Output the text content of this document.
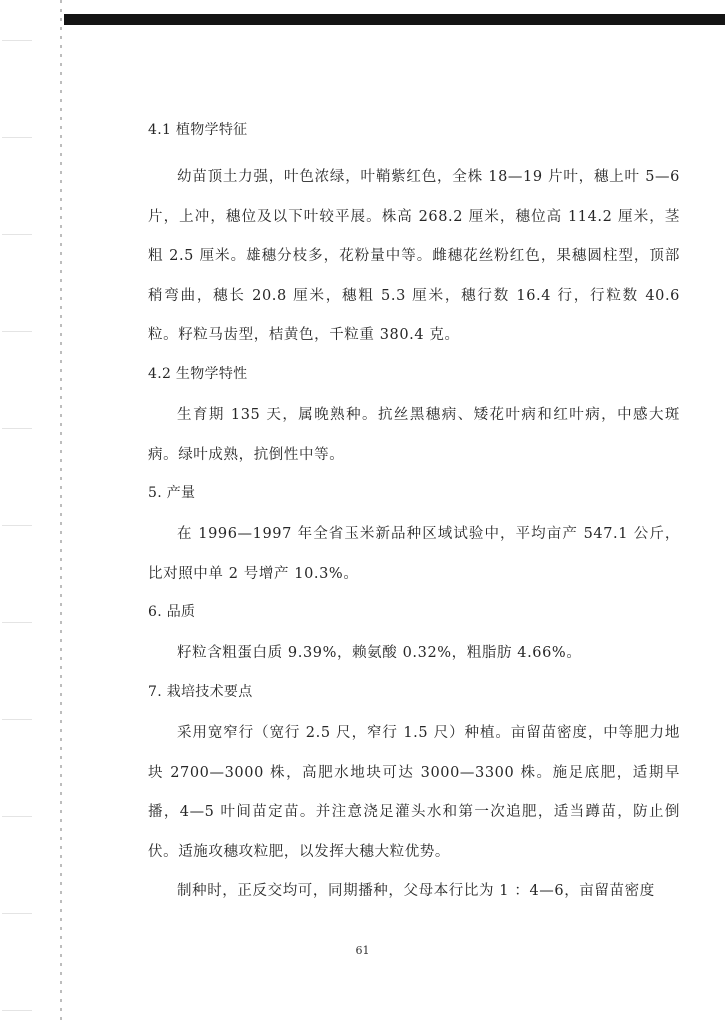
4.1 植物学特征

幼苗顶土力强，叶色浓绿，叶鞘紫红色，全株 18—19 片叶，穗上叶 5—6 片，上冲，穗位及以下叶较平展。株高 268.2 厘米，穗位高 114.2 厘米，茎粗 2.5 厘米。雄穗分枝多，花粉量中等。雌穗花丝粉红色，果穗圆柱型，顶部稍弯曲，穗长 20.8 厘米，穗粗 5.3 厘米，穗行数 16.4 行，行粒数 40.6 粒。籽粒马齿型，桔黄色，千粒重 380.4 克。

4.2 生物学特性

生育期 135 天，属晚熟种。抗丝黑穗病、矮花叶病和红叶病，中感大斑病。绿叶成熟，抗倒性中等。

5. 产量

在 1996—1997 年全省玉米新品种区域试验中，平均亩产 547.1 公斤，比对照中单 2 号增产 10.3%。

6. 品质

籽粒含粗蛋白质 9.39%，赖氨酸 0.32%，粗脂肪 4.66%。

7. 栽培技术要点

采用宽窄行（宽行 2.5 尺，窄行 1.5 尺）种植。亩留苗密度，中等肥力地块 2700—3000 株，高肥水地块可达 3000—3300 株。施足底肥，适期早播，4—5 叶间苗定苗。并注意浇足灌头水和第一次追肥，适当蹲苗，防止倒伏。适施攻穗攻粒肥，以发挥大穗大粒优势。

制种时，正反交均可，同期播种，父母本行比为 1 ：4—6，亩留苗密度

61
